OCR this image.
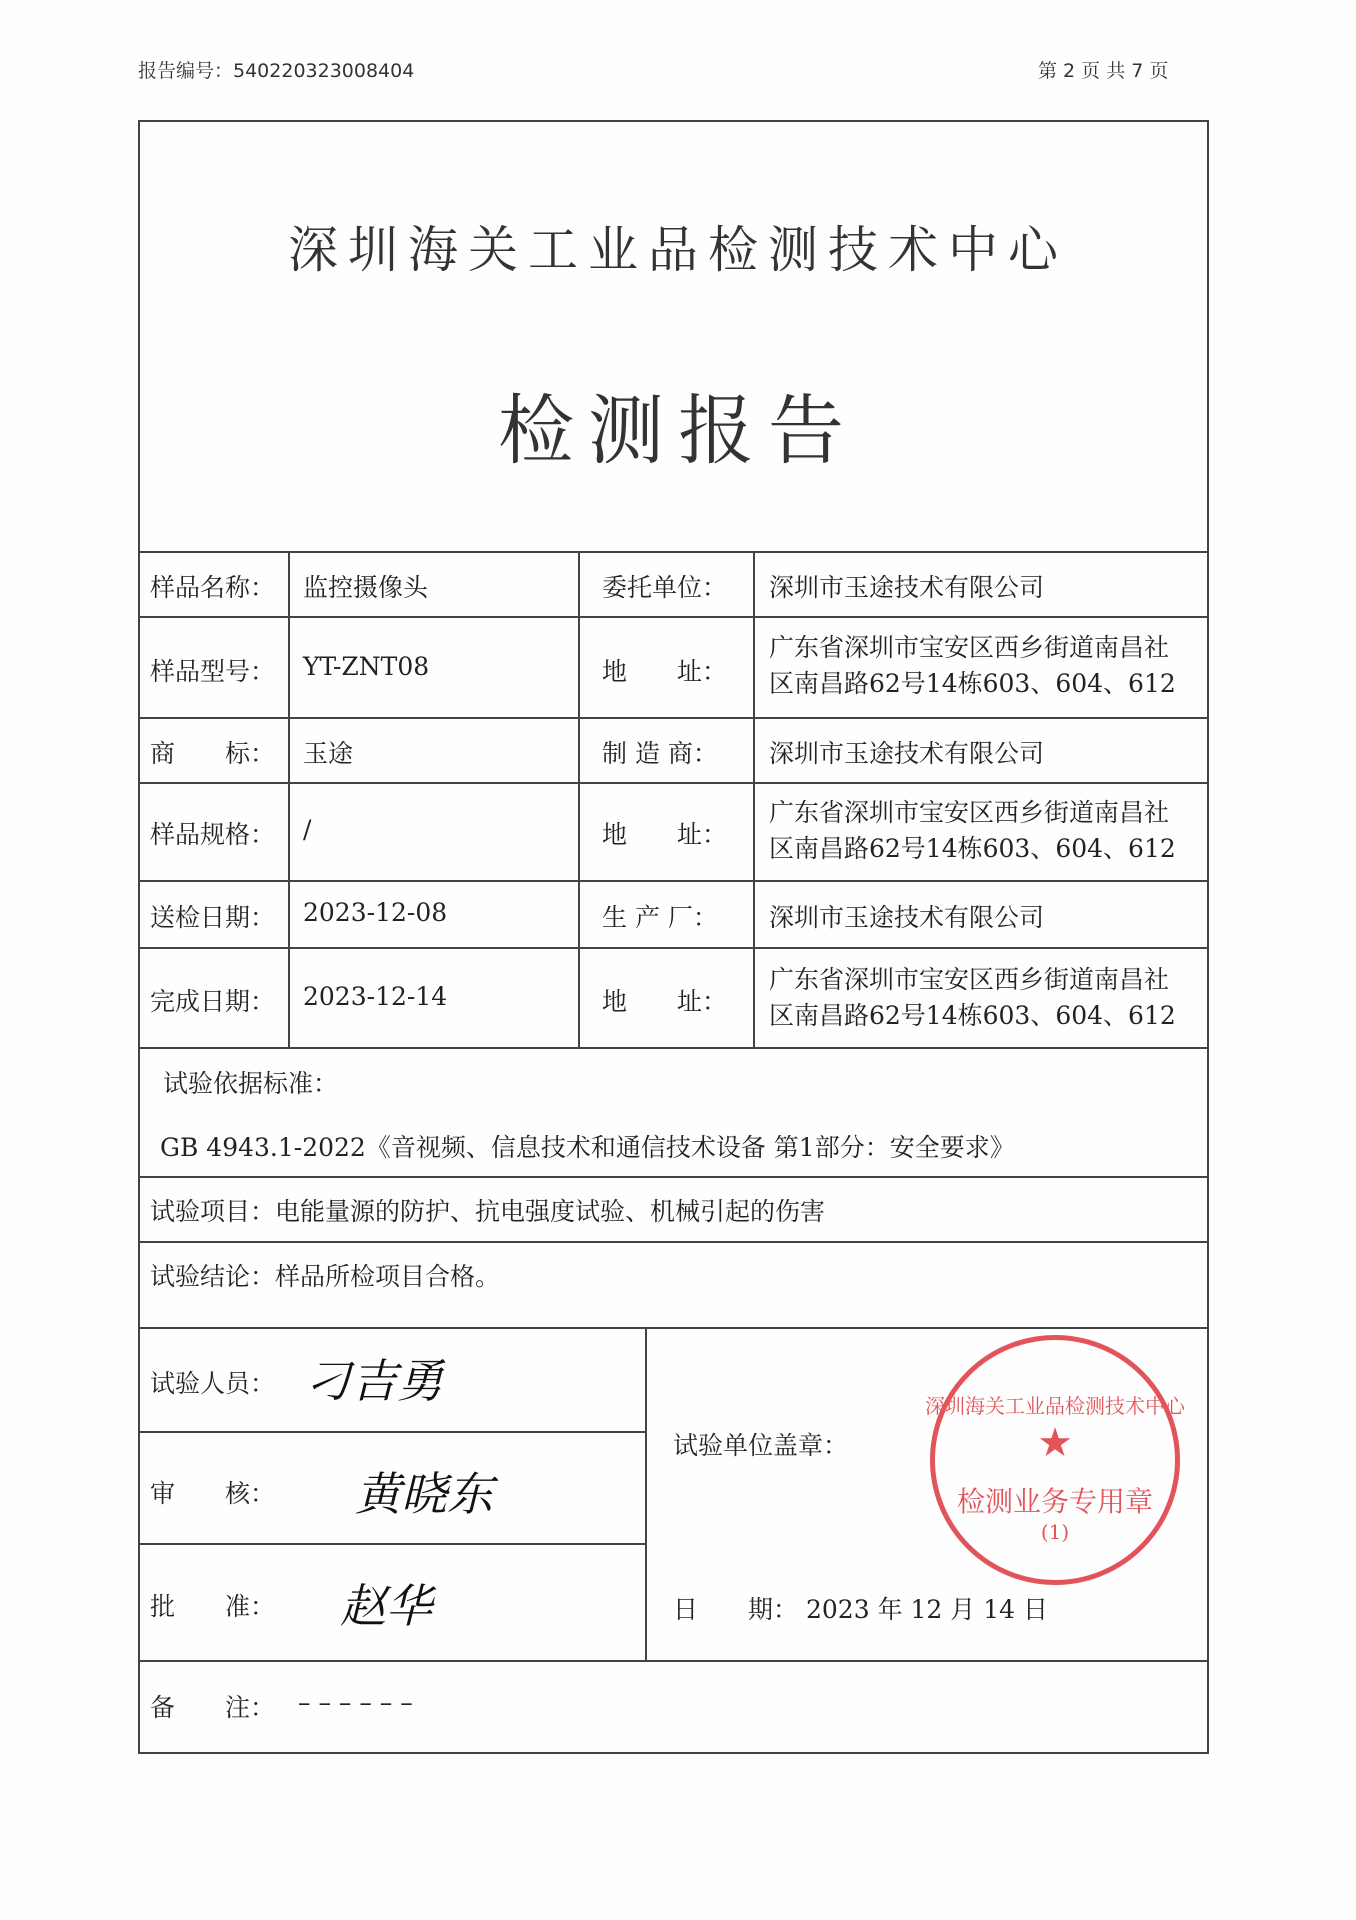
报告编号：540220323008404	第 2 页 共 7 页
深圳海关工业品检测技术中心
检测报告
样品名称： 监控摄像头	委托单位： 深圳市玉途技术有限公司
样品型号： YT-ZNT08	地　　址：
广东省深圳市宝安区西乡街道南昌社
区南昌路62号14栋603、604、612
商　　标： 玉途	制 造 商： 深圳市玉途技术有限公司
样品规格： /	地　　址：
广东省深圳市宝安区西乡街道南昌社
区南昌路62号14栋603、604、612
送检日期： 2023-12-08	生 产 厂： 深圳市玉途技术有限公司
完成日期： 2023-12-14	地　　址：
广东省深圳市宝安区西乡街道南昌社
区南昌路62号14栋603、604、612
试验依据标准：
GB 4943.1-2022《音视频、信息技术和通信技术设备 第1部分：安全要求》
试验项目：电能量源的防护、抗电强度试验、机械引起的伤害
试验结论：样品所检项目合格。
试验人员： 刁吉勇
审　　核： 黄晓东
批　　准： 赵华
试验单位盖章：
日　　期： 2023 年 12 月 14 日
深圳海关工业品检测技术中心
★
检测业务专用章
(1)
备　　注： – – – – – –
